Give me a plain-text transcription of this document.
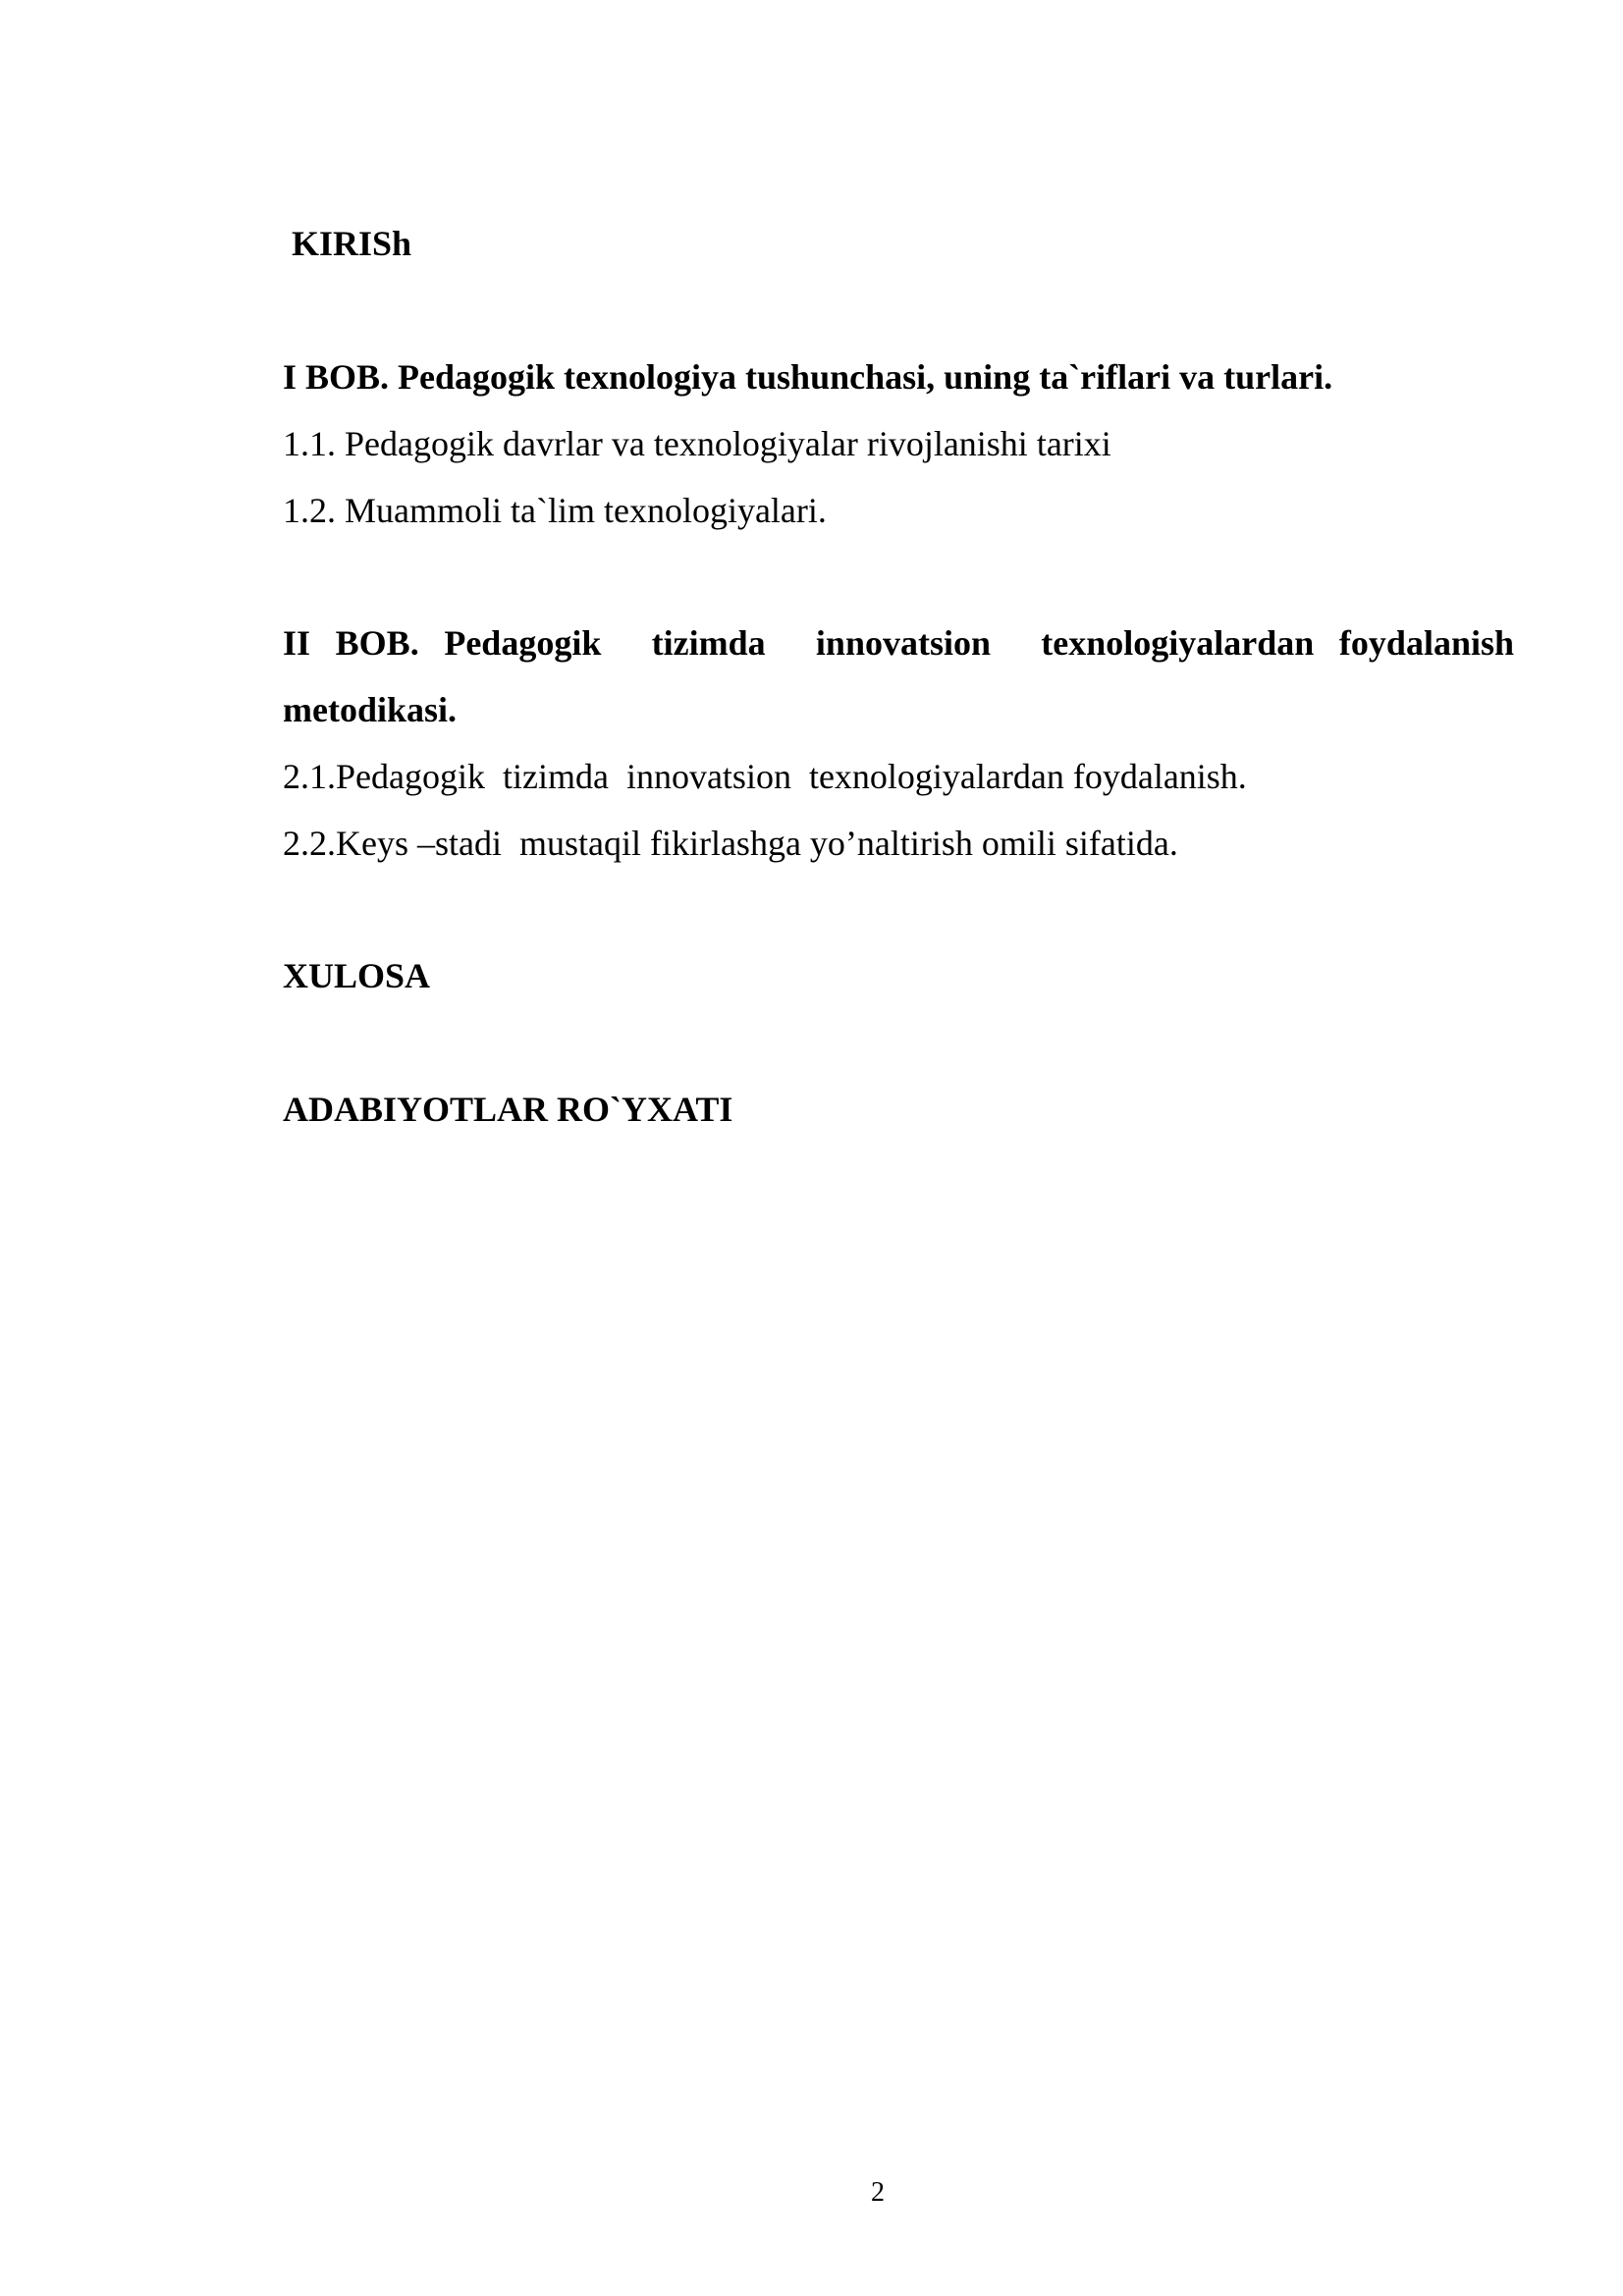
KIRISh
I BOB. Pedagogik texnologiya tushunchasi, uning ta`riflari va turlari.
1.1. Pedagogik davrlar va texnologiyalar rivojlanishi tarixi
1.2. Muammoli ta`lim texnologiyalari.
II BOB. Pedagogik  tizimda  innovatsion  texnologiyalardan foydalanish
metodikasi.
2.1.Pedagogik  tizimda  innovatsion  texnologiyalardan foydalanish.
2.2.Keys –stadi  mustaqil fikirlashga yo’naltirish omili sifatida.
XULOSA
ADABIYOTLAR RO`YXATI
2
